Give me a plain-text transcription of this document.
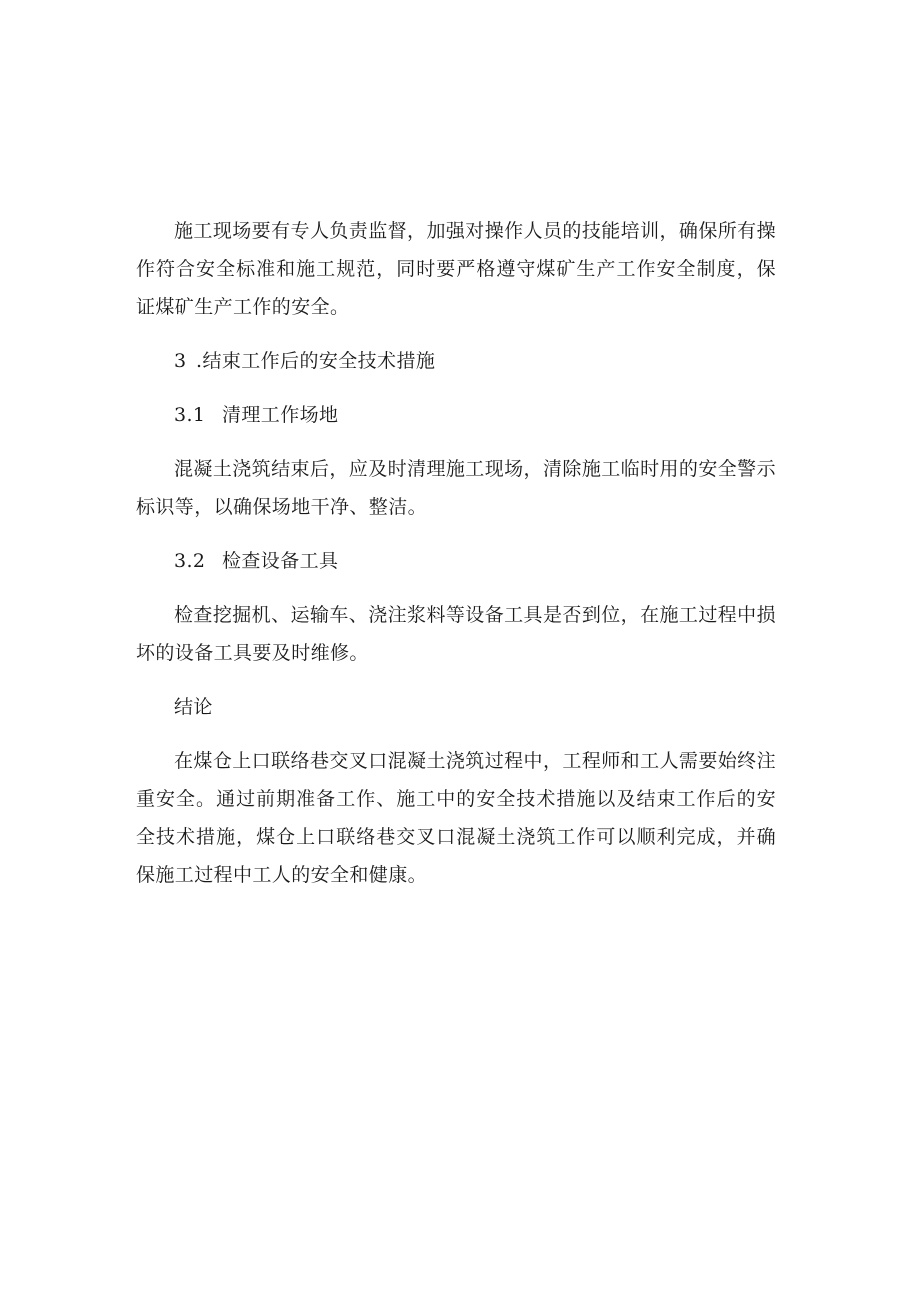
施工现场要有专人负责监督，加强对操作人员的技能培训，确保所有操作符合安全标准和施工规范，同时要严格遵守煤矿生产工作安全制度，保证煤矿生产工作的安全。

3 .结束工作后的安全技术措施

3.1 清理工作场地

混凝土浇筑结束后，应及时清理施工现场，清除施工临时用的安全警示标识等，以确保场地干净、整洁。

3.2 检查设备工具

检查挖掘机、运输车、浇注浆料等设备工具是否到位，在施工过程中损坏的设备工具要及时维修。

结论

在煤仓上口联络巷交叉口混凝土浇筑过程中，工程师和工人需要始终注重安全。通过前期准备工作、施工中的安全技术措施以及结束工作后的安全技术措施，煤仓上口联络巷交叉口混凝土浇筑工作可以顺利完成，并确保施工过程中工人的安全和健康。
